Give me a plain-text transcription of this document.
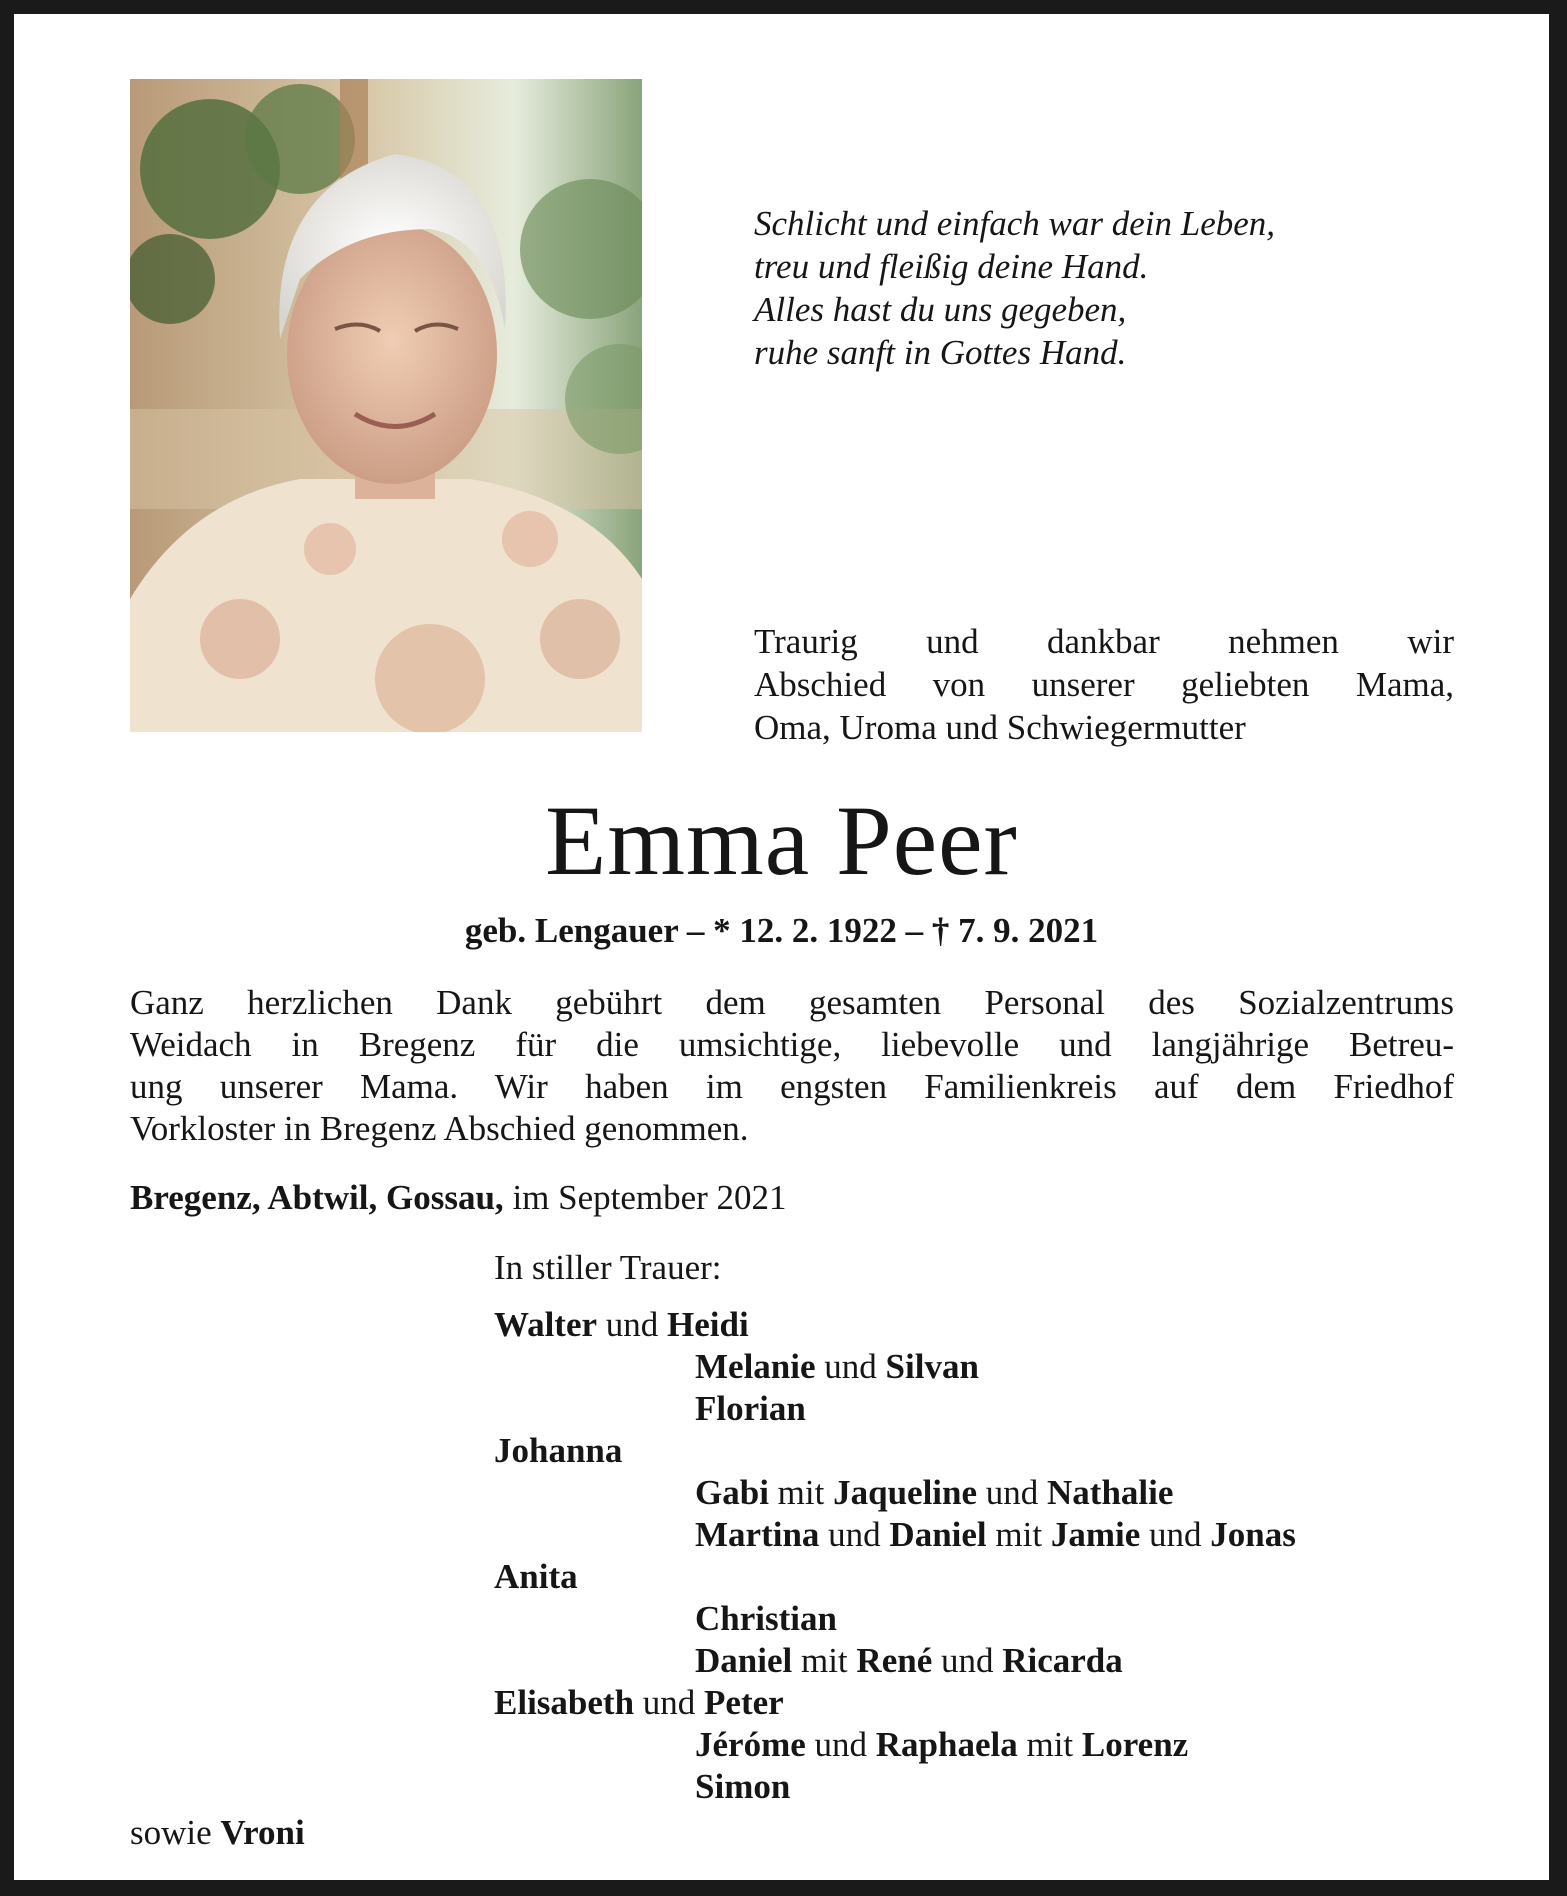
Schlicht und einfach war dein Leben,
treu und fleißig deine Hand.
Alles hast du uns gegeben,
ruhe sanft in Gottes Hand.
Traurig und dankbar nehmen wir
Abschied von unserer geliebten Mama,
Oma, Uroma und Schwiegermutter
Emma Peer
geb. Lengauer – * 12. 2. 1922 – † 7. 9. 2021
Ganz herzlichen Dank gebührt dem gesamten Personal des Sozialzentrums
Weidach in Bregenz für die umsichtige, liebevolle und langjährige Betreu-
ung unserer Mama. Wir haben im engsten Familienkreis auf dem Friedhof
Vorkloster in Bregenz Abschied genommen.
Bregenz, Abtwil, Gossau, im September 2021
In stiller Trauer:
Walter und Heidi
Melanie und Silvan
Florian
Johanna
Gabi mit Jaqueline und Nathalie
Martina und Daniel mit Jamie und Jonas
Anita
Christian
Daniel mit René und Ricarda
Elisabeth und Peter
Jéróme und Raphaela mit Lorenz
Simon
sowie Vroni
